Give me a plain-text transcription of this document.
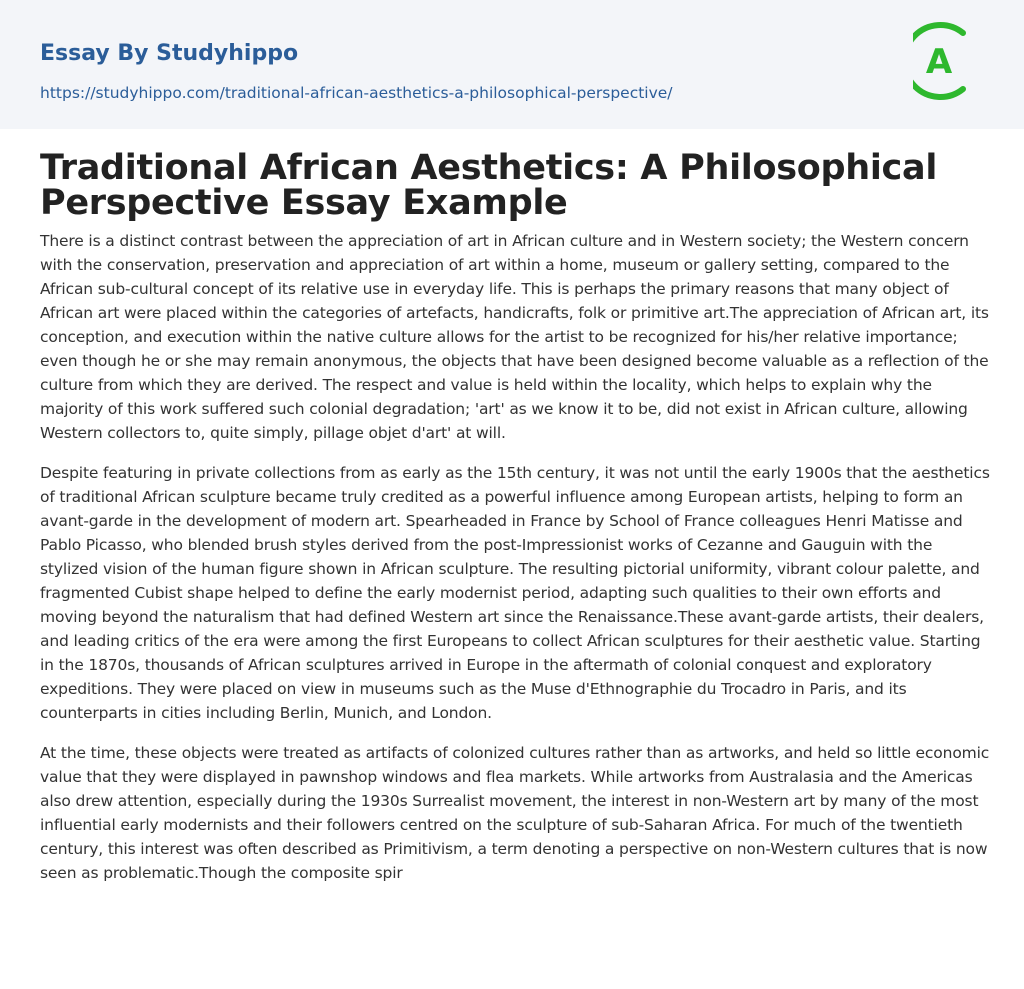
Essay By Studyhippo
https://studyhippo.com/traditional-african-aesthetics-a-philosophical-perspective/
A
Traditional African Aesthetics: A Philosophical Perspective Essay Example

There is a distinct contrast between the appreciation of art in African culture and in Western society; the Western concern with the conservation, preservation and appreciation of art within a home, museum or gallery setting, compared to the African sub-cultural concept of its relative use in everyday life. This is perhaps the primary reasons that many object of African art were placed within the categories of artefacts, handicrafts, folk or primitive art.The appreciation of African art, its conception, and execution within the native culture allows for the artist to be recognized for his/her relative importance; even though he or she may remain anonymous, the objects that have been designed become valuable as a reflection of the culture from which they are derived. The respect and value is held within the locality, which helps to explain why the majority of this work suffered such colonial degradation; 'art' as we know it to be, did not exist in African culture, allowing Western collectors to, quite simply, pillage objet d'art' at will.

Despite featuring in private collections from as early as the 15th century, it was not until the early 1900s that the aesthetics of traditional African sculpture became truly credited as a powerful influence among European artists, helping to form an avant-garde in the development of modern art. Spearheaded in France by School of France colleagues Henri Matisse and Pablo Picasso, who blended brush styles derived from the post-Impressionist works of Cezanne and Gauguin with the stylized vision of the human figure shown in African sculpture. The resulting pictorial uniformity, vibrant colour palette, and fragmented Cubist shape helped to define the early modernist period, adapting such qualities to their own efforts and moving beyond the naturalism that had defined Western art since the Renaissance.These avant-garde artists, their dealers, and leading critics of the era were among the first Europeans to collect African sculptures for their aesthetic value. Starting in the 1870s, thousands of African sculptures arrived in Europe in the aftermath of colonial conquest and exploratory expeditions. They were placed on view in museums such as the Muse d'Ethnographie du Trocadro in Paris, and its counterparts in cities including Berlin, Munich, and London.

At the time, these objects were treated as artifacts of colonized cultures rather than as artworks, and held so little economic value that they were displayed in pawnshop windows and flea markets. While artworks from Australasia and the Americas also drew attention, especially during the 1930s Surrealist movement, the interest in non-Western art by many of the most influential early modernists and their followers centred on the sculpture of sub-Saharan Africa. For much of the twentieth century, this interest was often described as Primitivism, a term denoting a perspective on non-Western cultures that is now seen as problematic.Though the composite spir
